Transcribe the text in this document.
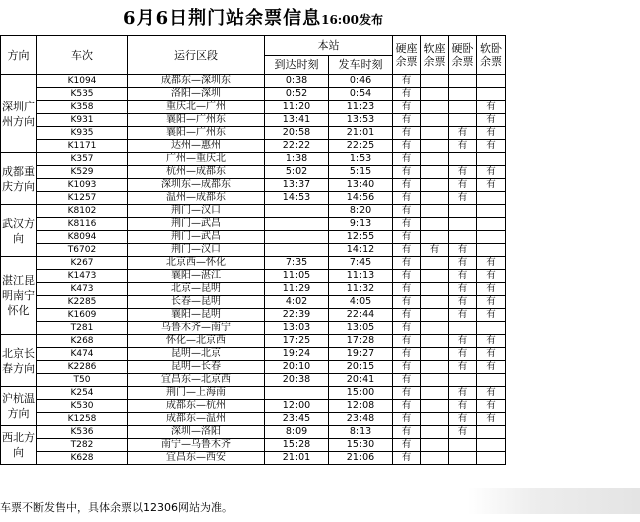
6月6日荆门站余票信息16:00发布
方向	车次	运行区段	本站		硬座余票	软座余票	硬卧余票	软卧余票
			到达时刻	发车时刻				
深圳广州方向	K1094	成都东—深圳东	0:38	0:46	有			
	K535	洛阳—深圳	0:52	0:54	有			
	K358	重庆北—广州	11:20	11:23	有			有
	K931	襄阳—广州东	13:41	13:53	有			有
	K935	襄阳—广州东	20:58	21:01	有		有	有
	K1171	达州—惠州	22:22	22:25	有		有	有
成都重庆方向	K357	广州—重庆北	1:38	1:53	有			
	K529	杭州—成都东	5:02	5:15	有		有	有
	K1093	深圳东—成都东	13:37	13:40	有		有	有
	K1257	温州—成都东	14:53	14:56	有		有	
武汉方向	K8102	荆门—汉口		8:20	有			
	K8116	荆门—武昌		9:13	有			
	K8094	荆门—武昌		12:55	有			
	T6702	荆门—汉口		14:12	有	有	有	
湛江昆明南宁怀化	K267	北京西—怀化	7:35	7:45	有		有	有
	K1473	襄阳—湛江	11:05	11:13	有		有	有
	K473	北京—昆明	11:29	11:32	有		有	有
	K2285	长春—昆明	4:02	4:05	有		有	有
	K1609	襄阳—昆明	22:39	22:44	有		有	有
	T281	乌鲁木齐—南宁	13:03	13:05	有			
北京长春方向	K268	怀化—北京西	17:25	17:28	有		有	有
	K474	昆明—北京	19:24	19:27	有		有	有
	K2286	昆明—长春	20:10	20:15	有		有	有
	T50	宜昌东—北京西	20:38	20:41	有			
沪杭温方向	K254	荆门—上海南		15:00	有		有	有
	K530	成都东—杭州	12:00	12:08	有		有	有
	K1258	成都东—温州	23:45	23:48	有		有	有
西北方向	K536	深圳—洛阳	8:09	8:13	有		有	
	T282	南宁—乌鲁木齐	15:28	15:30	有			
	K628	宜昌东—西安	21:01	21:06	有			
车票不断发售中，具体余票以12306网站为准。
